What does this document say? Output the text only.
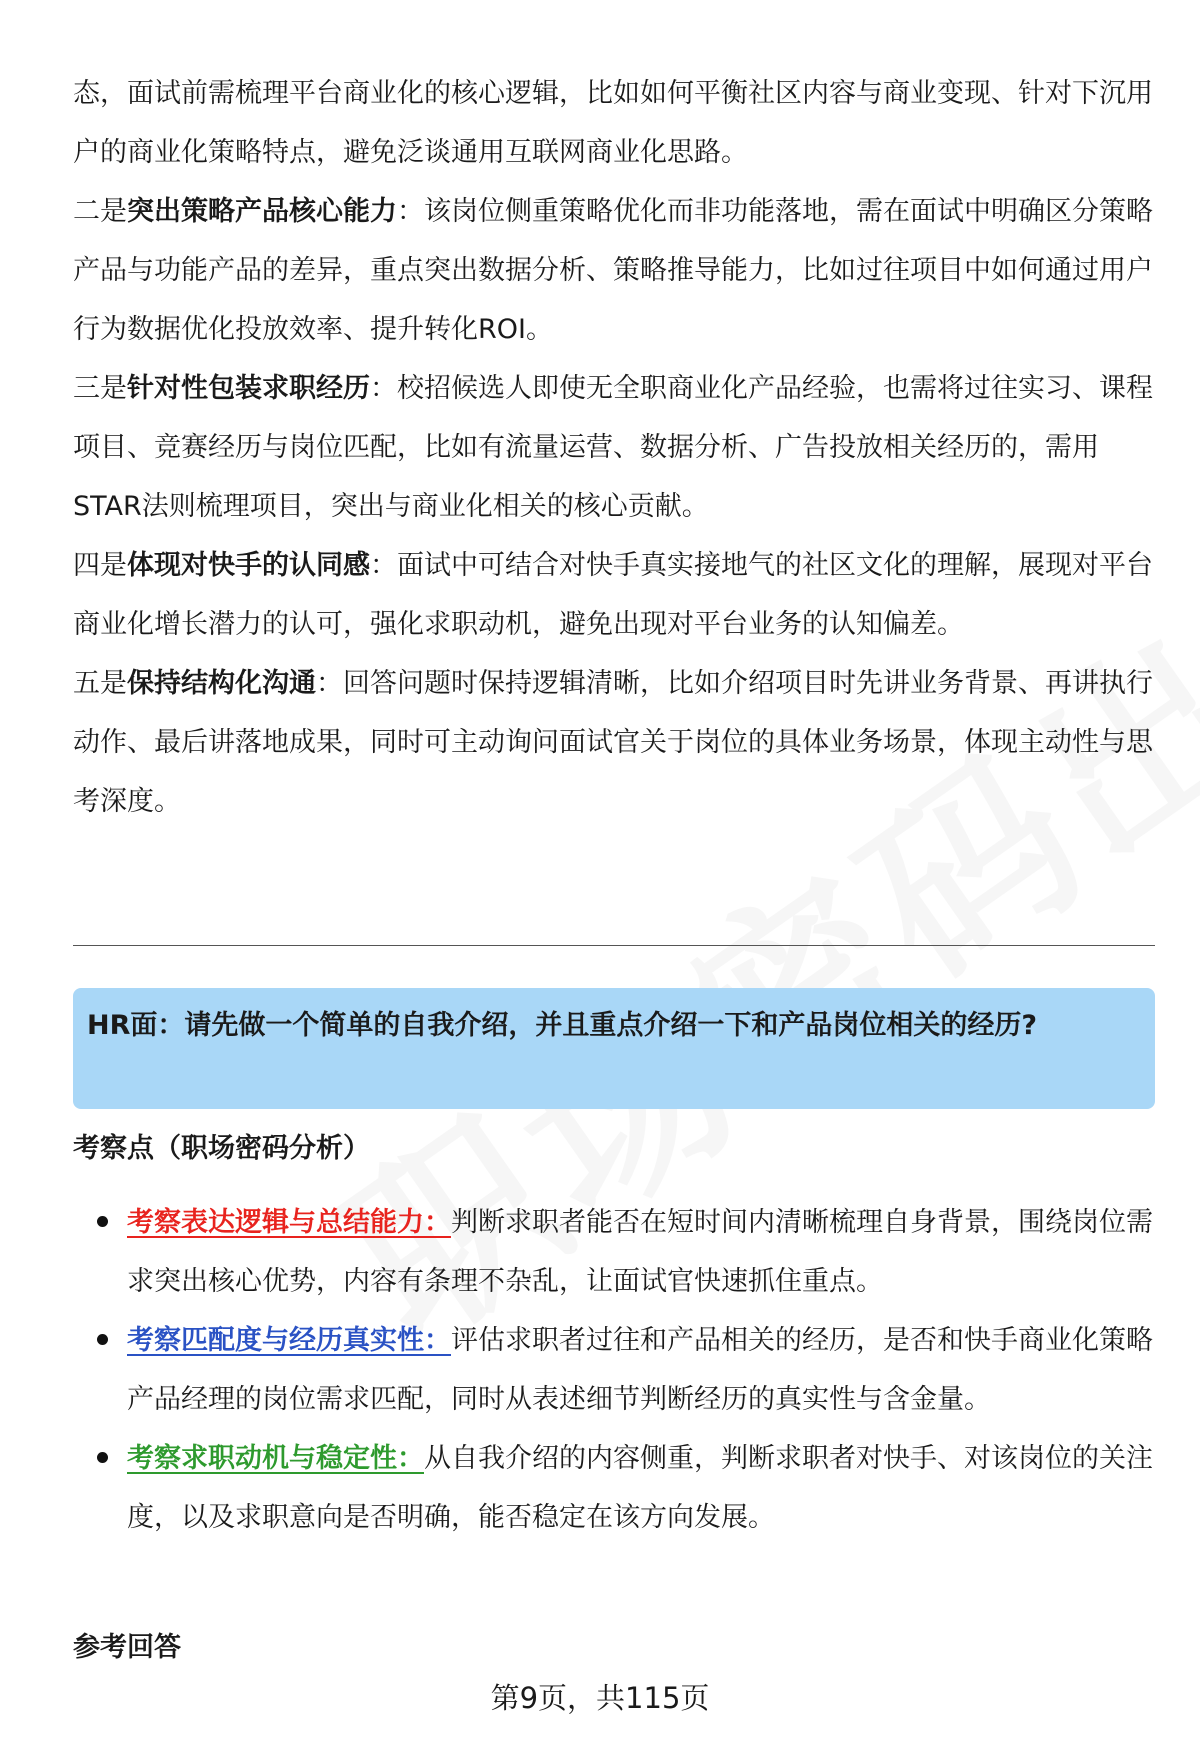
态，面试前需梳理平台商业化的核心逻辑，比如如何平衡社区内容与商业变现、针对下沉用户的商业化策略特点，避免泛谈通用互联网商业化思路。

二是突出策略产品核心能力：该岗位侧重策略优化而非功能落地，需在面试中明确区分策略产品与功能产品的差异，重点突出数据分析、策略推导能力，比如过往项目中如何通过用户行为数据优化投放效率、提升转化ROI。

三是针对性包装求职经历：校招候选人即使无全职商业化产品经验，也需将过往实习、课程项目、竞赛经历与岗位匹配，比如有流量运营、数据分析、广告投放相关经历的，需用STAR法则梳理项目，突出与商业化相关的核心贡献。

四是体现对快手的认同感：面试中可结合对快手真实接地气的社区文化的理解，展现对平台商业化增长潜力的认可，强化求职动机，避免出现对平台业务的认知偏差。

五是保持结构化沟通：回答问题时保持逻辑清晰，比如介绍项目时先讲业务背景、再讲执行动作、最后讲落地成果，同时可主动询问面试官关于岗位的具体业务场景，体现主动性与思考深度。

HR面：请先做一个简单的自我介绍，并且重点介绍一下和产品岗位相关的经历?

考察点（职场密码分析）

考察表达逻辑与总结能力：判断求职者能否在短时间内清晰梳理自身背景，围绕岗位需求突出核心优势，内容有条理不杂乱，让面试官快速抓住重点。
考察匹配度与经历真实性：评估求职者过往和产品相关的经历，是否和快手商业化策略产品经理的岗位需求匹配，同时从表述细节判断经历的真实性与含金量。
考察求职动机与稳定性：从自我介绍的内容侧重，判断求职者对快手、对该岗位的关注度，以及求职意向是否明确，能否稳定在该方向发展。

参考回答

第9页，共115页
